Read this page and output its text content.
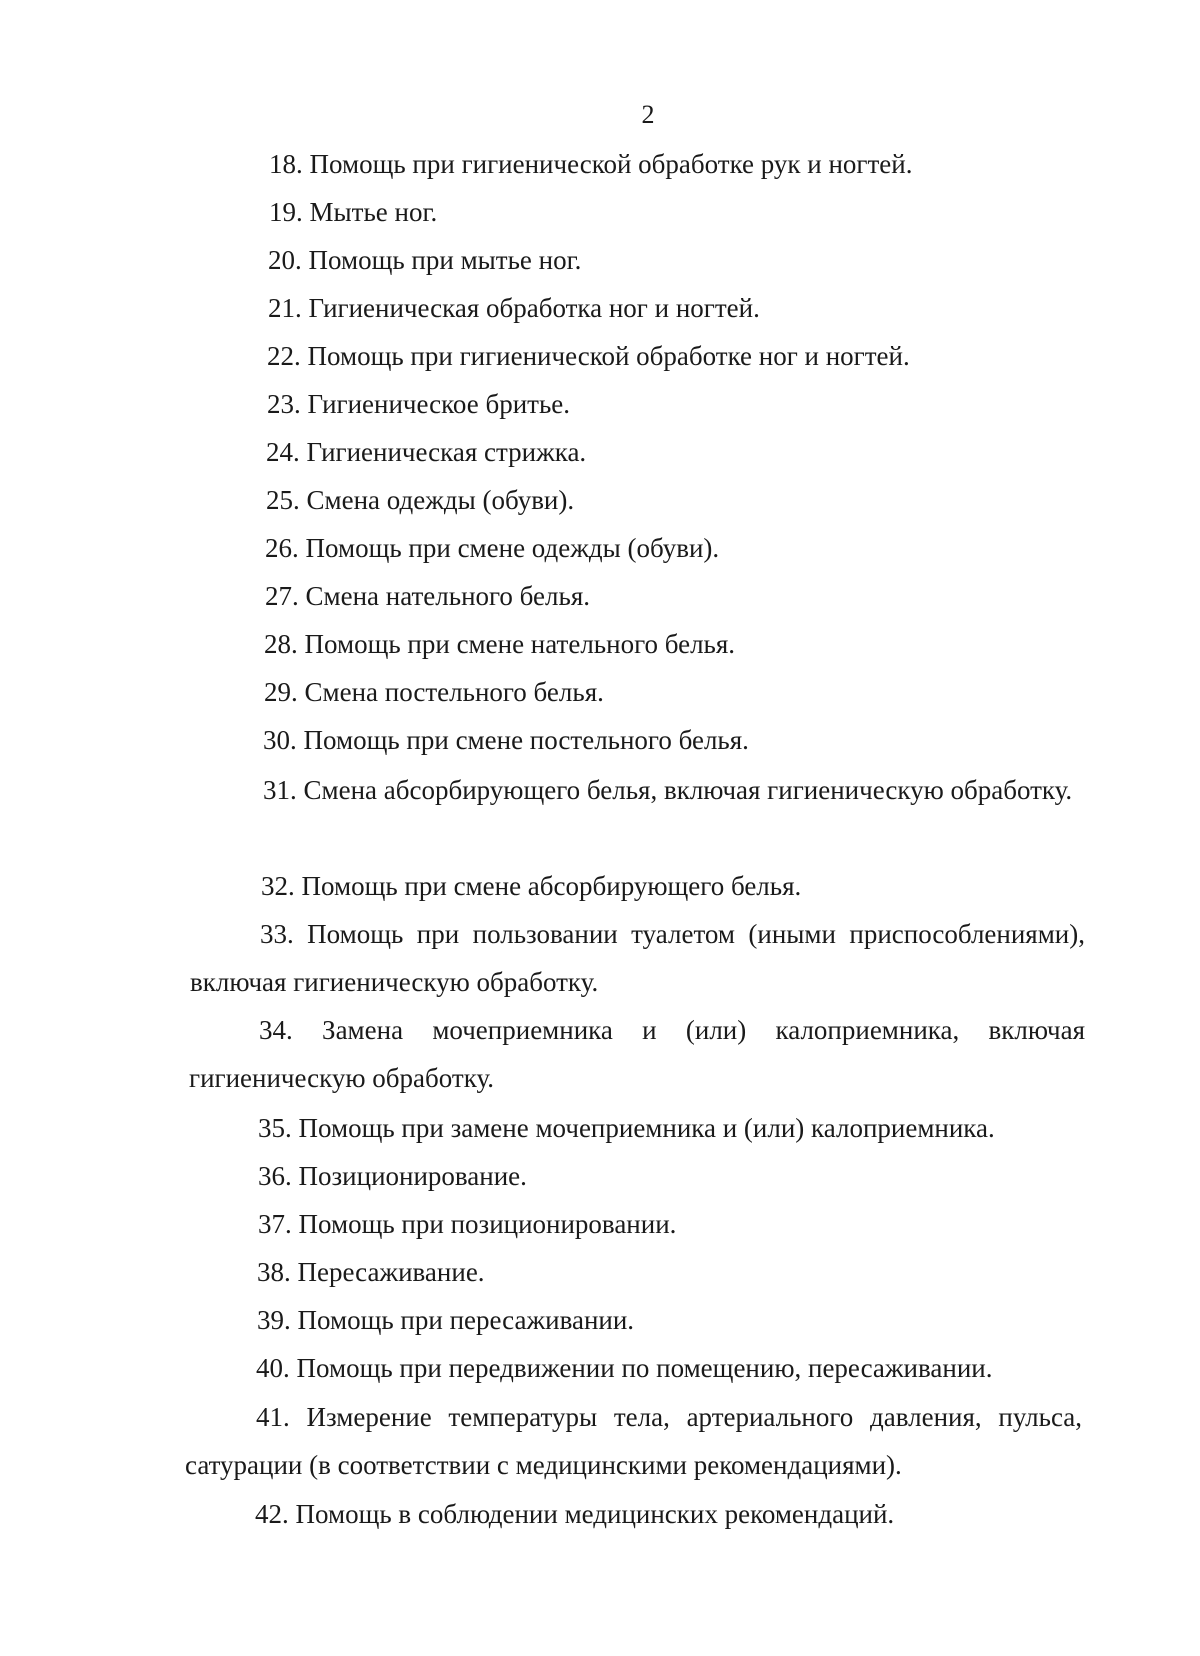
2
18. Помощь при гигиенической обработке рук и ногтей.
19. Мытье ног.
20. Помощь при мытье ног.
21. Гигиеническая обработка ног и ногтей.
22. Помощь при гигиенической обработке ног и ногтей.
23. Гигиеническое бритье.
24. Гигиеническая стрижка.
25. Смена одежды (обуви).
26. Помощь при смене одежды (обуви).
27. Смена нательного белья.
28. Помощь при смене нательного белья.
29. Смена постельного белья.
30. Помощь при смене постельного белья.
31. Смена абсорбирующего белья, включая гигиеническую обработку.
32. Помощь при смене абсорбирующего белья.
33. Помощь при пользовании туалетом (иными приспособлениями), включая гигиеническую обработку.
34. Замена мочеприемника и (или) калоприемника, включая гигиеническую обработку.
35. Помощь при замене мочеприемника и (или) калоприемника.
36. Позиционирование.
37. Помощь при позиционировании.
38. Пересаживание.
39. Помощь при пересаживании.
40. Помощь при передвижении по помещению, пересаживании.
41. Измерение температуры тела, артериального давления, пульса, сатурации (в соответствии с медицинскими рекомендациями).
42. Помощь в соблюдении медицинских рекомендаций.
